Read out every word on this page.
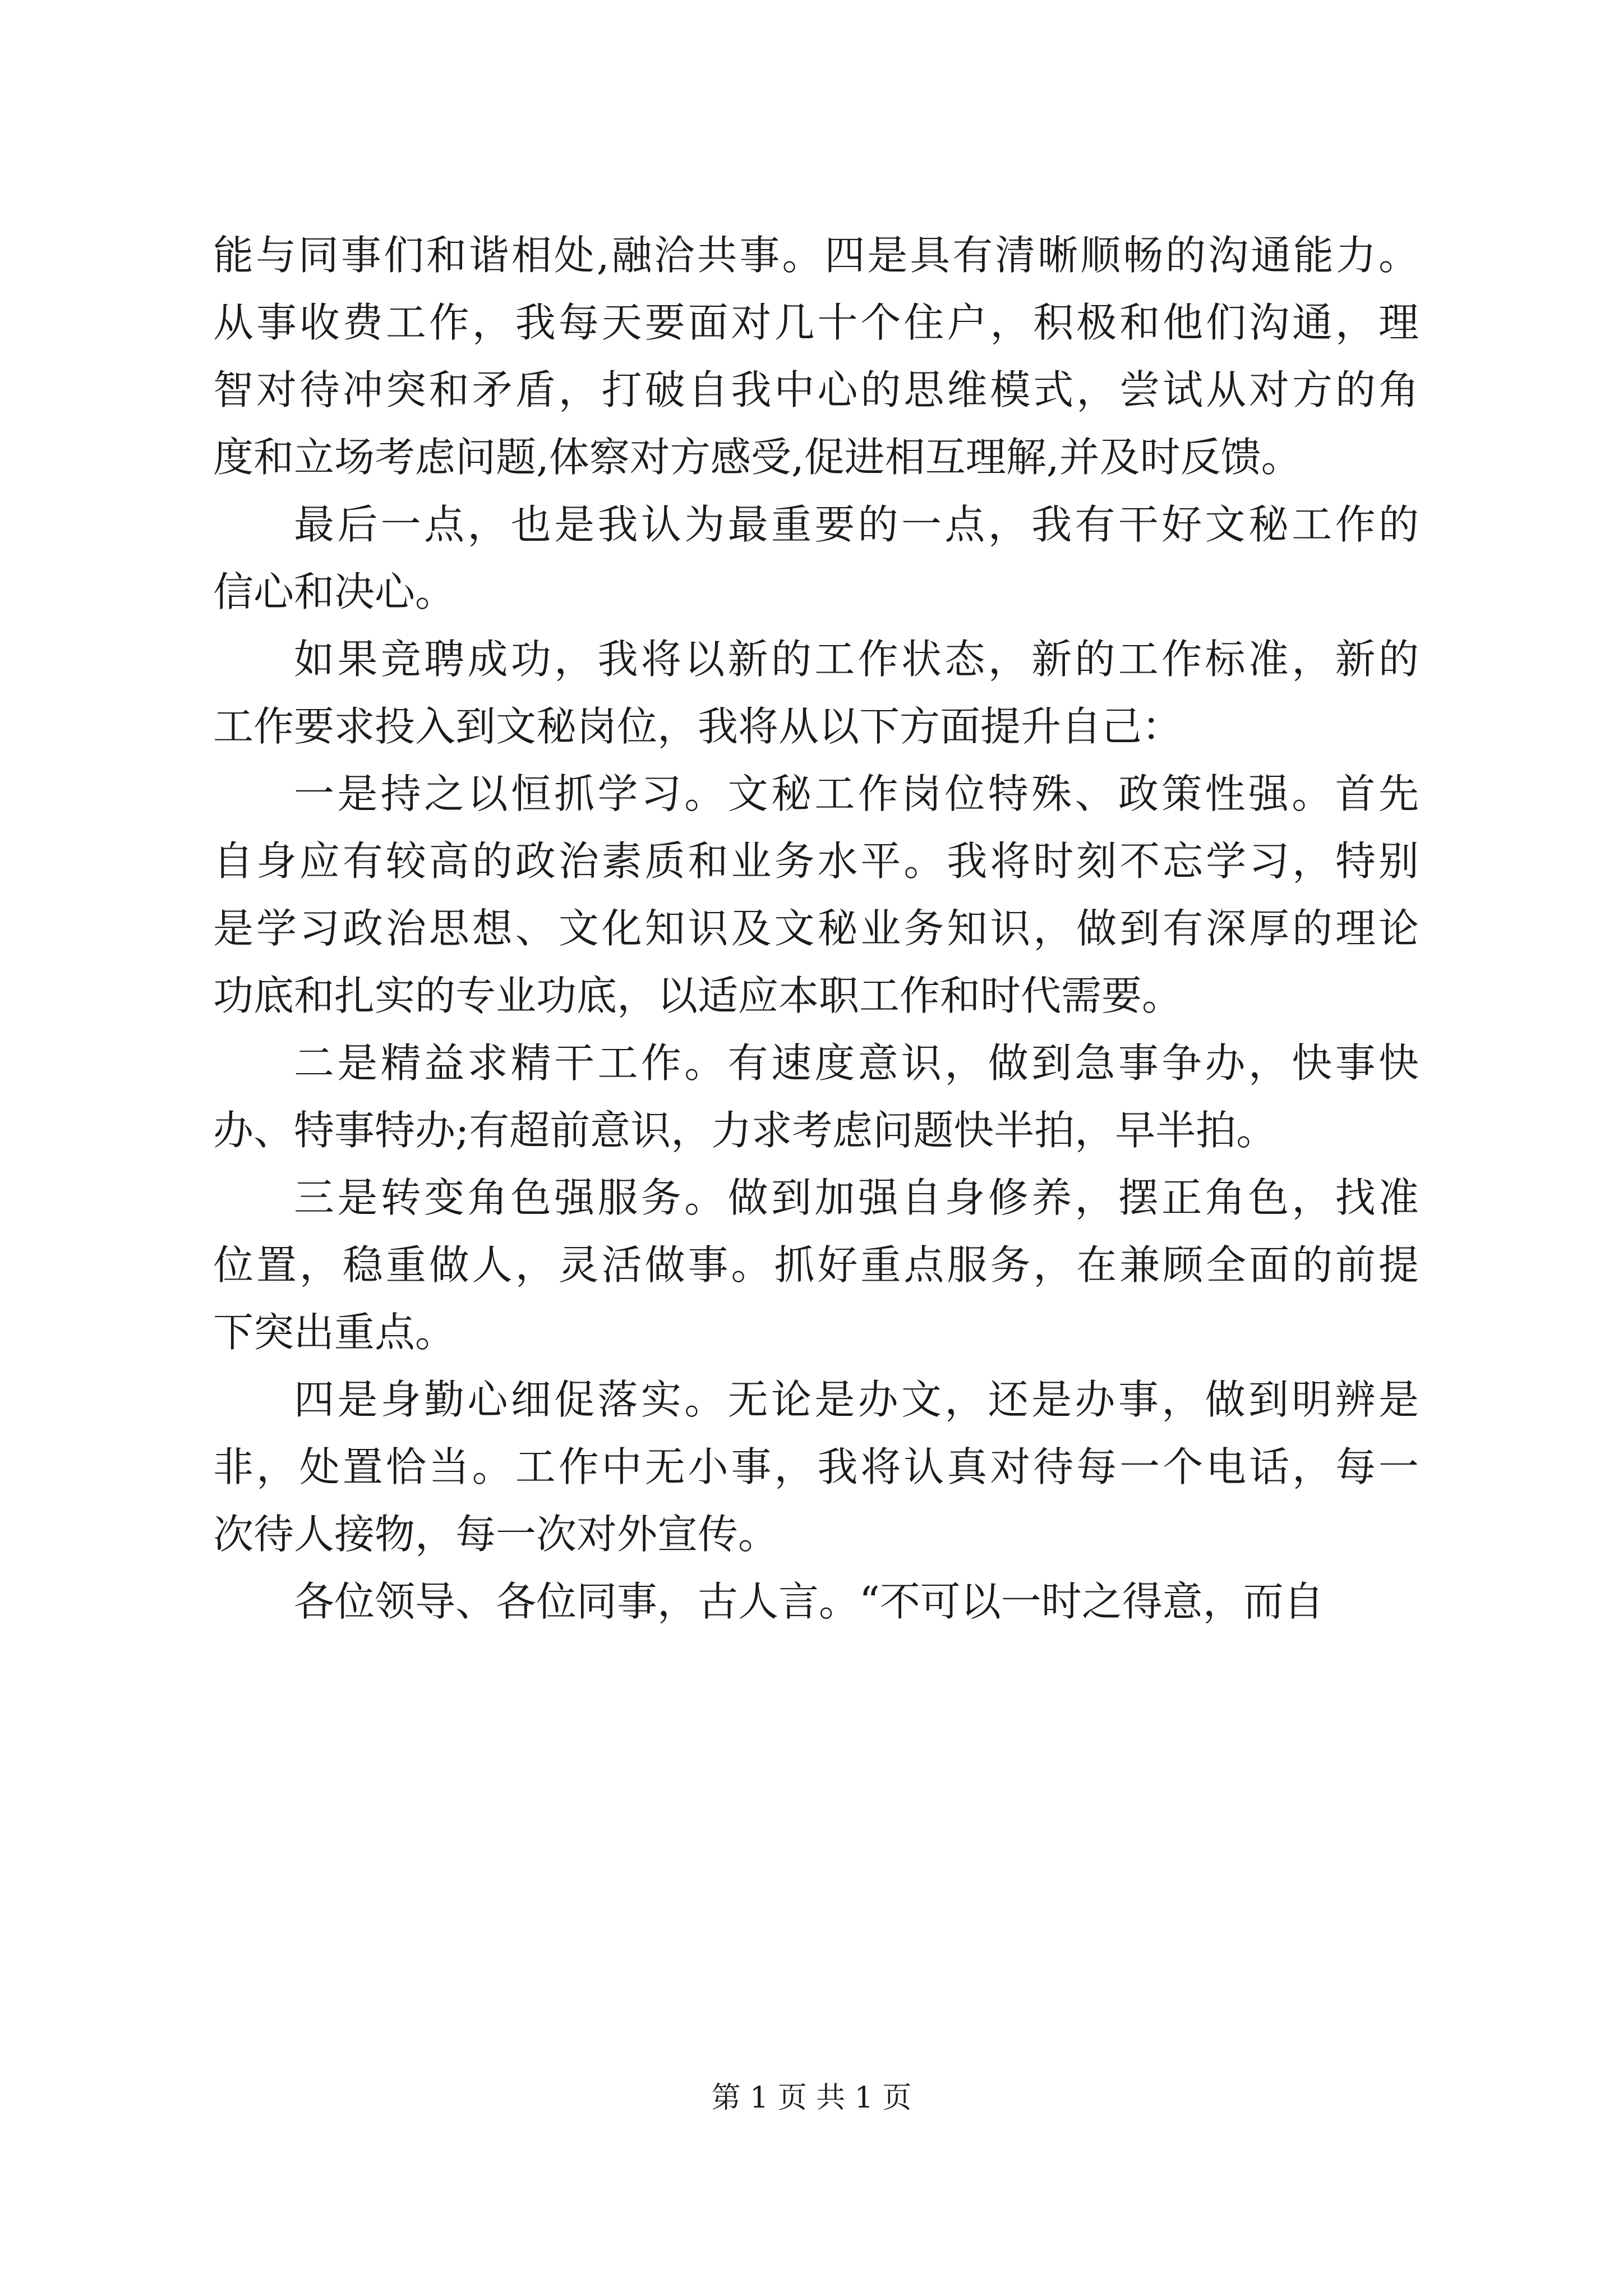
能与同事们和谐相处,融洽共事。四是具有清晰顺畅的沟通能力。
从事收费工作，我每天要面对几十个住户，积极和他们沟通，理
智对待冲突和矛盾，打破自我中心的思维模式，尝试从对方的角
度和立场考虑问题,体察对方感受,促进相互理解,并及时反馈。
最后一点，也是我认为最重要的一点，我有干好文秘工作的
信心和决心。
如果竞聘成功，我将以新的工作状态，新的工作标准，新的
工作要求投入到文秘岗位，我将从以下方面提升自己：
一是持之以恒抓学习。文秘工作岗位特殊、政策性强。首先
自身应有较高的政治素质和业务水平。我将时刻不忘学习，特别
是学习政治思想、文化知识及文秘业务知识，做到有深厚的理论
功底和扎实的专业功底，以适应本职工作和时代需要。
二是精益求精干工作。有速度意识，做到急事争办，快事快
办、特事特办;有超前意识，力求考虑问题快半拍，早半拍。
三是转变角色强服务。做到加强自身修养，摆正角色，找准
位置，稳重做人，灵活做事。抓好重点服务，在兼顾全面的前提
下突出重点。
四是身勤心细促落实。无论是办文，还是办事，做到明辨是
非，处置恰当。工作中无小事，我将认真对待每一个电话，每一
次待人接物，每一次对外宣传。
各位领导、各位同事，古人言。“不可以一时之得意，而自
第 1 页 共 1 页
